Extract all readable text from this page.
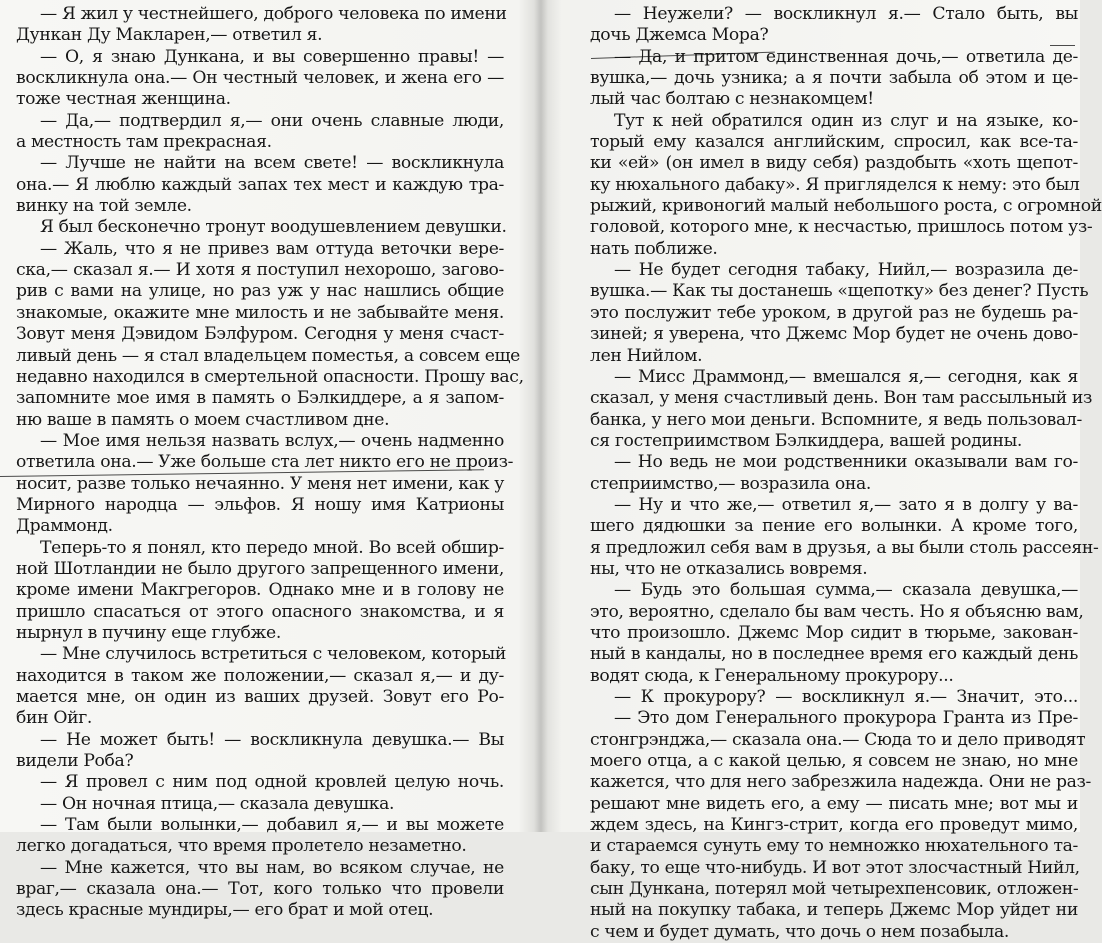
— Я жил у честнейшего, доброго человека по имени
Дункан Ду Макларен,— ответил я.
— О, я знаю Дункана, и вы совершенно правы! —
воскликнула она.— Он честный человек, и жена его —
тоже честная женщина.
— Да,— подтвердил я,— они очень славные люди,
а местность там прекрасная.
— Лучше не найти на всем свете! — воскликнула
она.— Я люблю каждый запах тех мест и каждую тра-
винку на той земле.
Я был бесконечно тронут воодушевлением девушки.
— Жаль, что я не привез вам оттуда веточки вере-
ска,— сказал я.— И хотя я поступил нехорошо, загово-
рив с вами на улице, но раз уж у нас нашлись общие
знакомые, окажите мне милость и не забывайте меня.
Зовут меня Дэвидом Бэлфуром. Сегодня у меня счаст-
ливый день — я стал владельцем поместья, а совсем еще
недавно находился в смертельной опасности. Прошу вас,
запомните мое имя в память о Бэлкиддере, а я запом-
ню ваше в память о моем счастливом дне.
— Мое имя нельзя назвать вслух,— очень надменно
ответила она.— Уже больше ста лет никто его не произ-
носит, разве только нечаянно. У меня нет имени, как у
Мирного народца — эльфов. Я ношу имя Катрионы
Драммонд.
Теперь-то я понял, кто передо мной. Во всей обшир-
ной Шотландии не было другого запрещенного имени,
кроме имени Макгрегоров. Однако мне и в голову не
пришло спасаться от этого опасного знакомства, и я
нырнул в пучину еще глубже.
— Мне случилось встретиться с человеком, который
находится в таком же положении,— сказал я,— и ду-
мается мне, он один из ваших друзей. Зовут его Ро-
бин Ойг.
— Не может быть! — воскликнула девушка.— Вы
видели Роба?
— Я провел с ним под одной кровлей целую ночь.
— Он ночная птица,— сказала девушка.
— Там были волынки,— добавил я,— и вы можете
легко догадаться, что время пролетело незаметно.
— Мне кажется, что вы нам, во всяком случае, не
враг,— сказала она.— Тот, кого только что провели
здесь красные мундиры,— его брат и мой отец.
— Неужели? — воскликнул я.— Стало быть, вы
дочь Джемса Мора?
— Да, и притом единственная дочь,— ответила де-
вушка,— дочь узника; а я почти забыла об этом и це-
лый час болтаю с незнакомцем!
Тут к ней обратился один из слуг и на языке, ко-
торый ему казался английским, спросил, как все-та-
ки «ей» (он имел в виду себя) раздобыть «хоть щепот-
ку нюхального дабаку». Я пригляделся к нему: это был
рыжий, кривоногий малый небольшого роста, с огромной
головой, которого мне, к несчастью, пришлось потом уз-
нать поближе.
— Не будет сегодня табаку, Нийл,— возразила де-
вушка.— Как ты достанешь «щепотку» без денег? Пусть
это послужит тебе уроком, в другой раз не будешь ра-
зиней; я уверена, что Джемс Мор будет не очень дово-
лен Нийлом.
— Мисс Драммонд,— вмешался я,— сегодня, как я
сказал, у меня счастливый день. Вон там рассыльный из
банка, у него мои деньги. Вспомните, я ведь пользовал-
ся гостеприимством Бэлкиддера, вашей родины.
— Но ведь не мои родственники оказывали вам го-
степриимство,— возразила она.
— Ну и что же,— ответил я,— зато я в долгу у ва-
шего дядюшки за пение его волынки. А кроме того,
я предложил себя вам в друзья, а вы были столь рассеян-
ны, что не отказались вовремя.
— Будь это большая сумма,— сказала девушка,—
это, вероятно, сделало бы вам честь. Но я объясню вам,
что произошло. Джемс Мор сидит в тюрьме, закован-
ный в кандалы, но в последнее время его каждый день
водят сюда, к Генеральному прокурору...
— К прокурору? — воскликнул я.— Значит, это...
— Это дом Генерального прокурора Гранта из Пре-
стонгрэнджа,— сказала она.— Сюда то и дело приводят
моего отца, а с какой целью, я совсем не знаю, но мне
кажется, что для него забрезжила надежда. Они не раз-
решают мне видеть его, а ему — писать мне; вот мы и
ждем здесь, на Кингз-стрит, когда его проведут мимо,
и стараемся сунуть ему то немножко нюхательного та-
баку, то еще что-нибудь. И вот этот злосчастный Нийл,
сын Дункана, потерял мой четырехпенсовик, отложен-
ный на покупку табака, и теперь Джемс Мор уйдет ни
с чем и будет думать, что дочь о нем позабыла.
